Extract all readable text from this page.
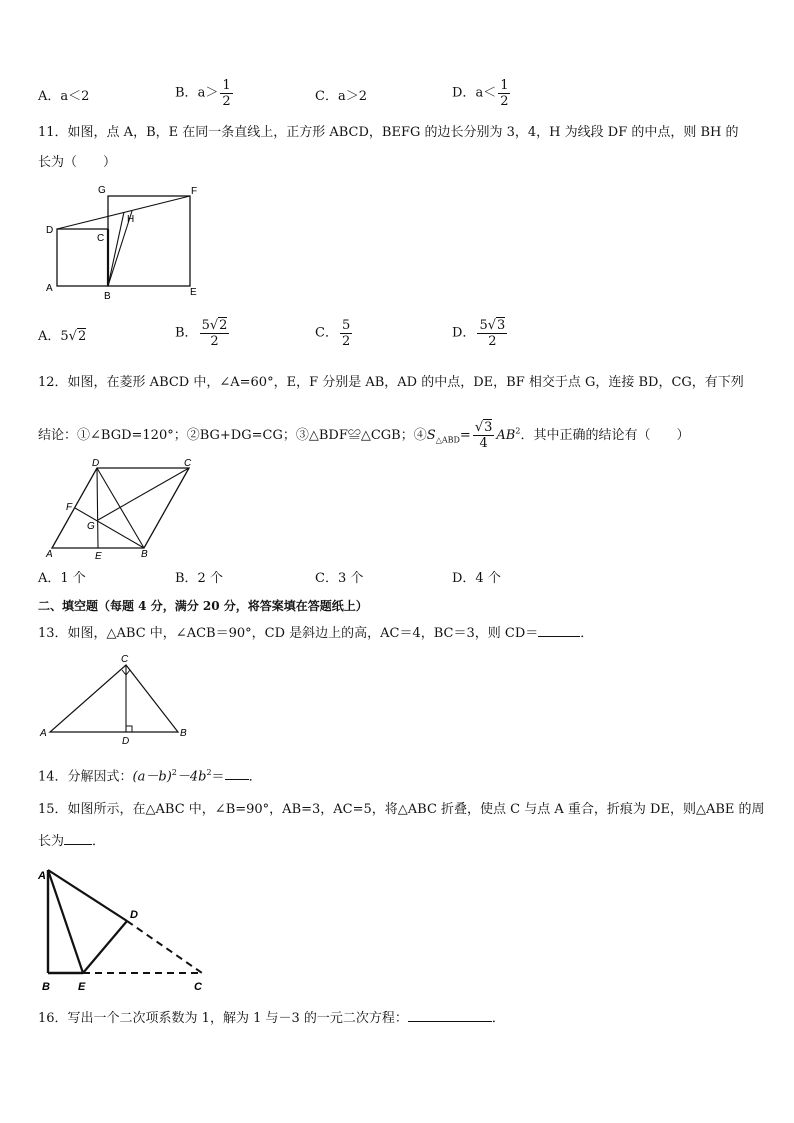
A．a＜2	B．$a> \frac{1}{2}$	C．a＞2	D．$a< \frac{1}{2}$
11．如图，点 A，B，E 在同一条直线上，正方形 ABCD，BEFG 的边长分别为 3，4，H 为线段 DF 的中点，则 BH 的
长为（　　）
G	F
H
D
C
A
B	E
A．5√2	B． $\frac{5√2}{2}$	C． $\frac{5}{2}$	D． $\frac{5√3}{2}$
12．如图，在菱形 ABCD 中，∠A=60°，E，F 分别是 AB，AD 的中点，DE，BF 相交于点 G，连接 BD，CG，有下列
结论：①∠BGD=120°；②BG+DG=CG；③△BDF≌△CGB；$④S_{\triangle ABD}= \frac{√3}{4} AB^2$．其中正确的结论有（　　）
D	C
F
G
A	E	B
A．1 个	B．2 个	C．3 个	D．4 个
二、填空题（每题 4 分，满分 20 分，将答案填在答题纸上）
13．如图，△ABC 中，∠ACB＝90°，CD 是斜边上的高，AC＝4，BC＝3，则 CD＝	．
C
A
D
B
14．分解因式：$(a-b)^2-4b^2=$ ．
15．如图所示，在△ABC 中，∠B=90°，AB=3，AC=5，将△ABC 折叠，使点 C 与点 A 重合，折痕为 DE，则△ABE 的周
长为 ．
A
D
B	E	C
16．写出一个二次项系数为 1，解为 1 与－3 的一元二次方程：	．
